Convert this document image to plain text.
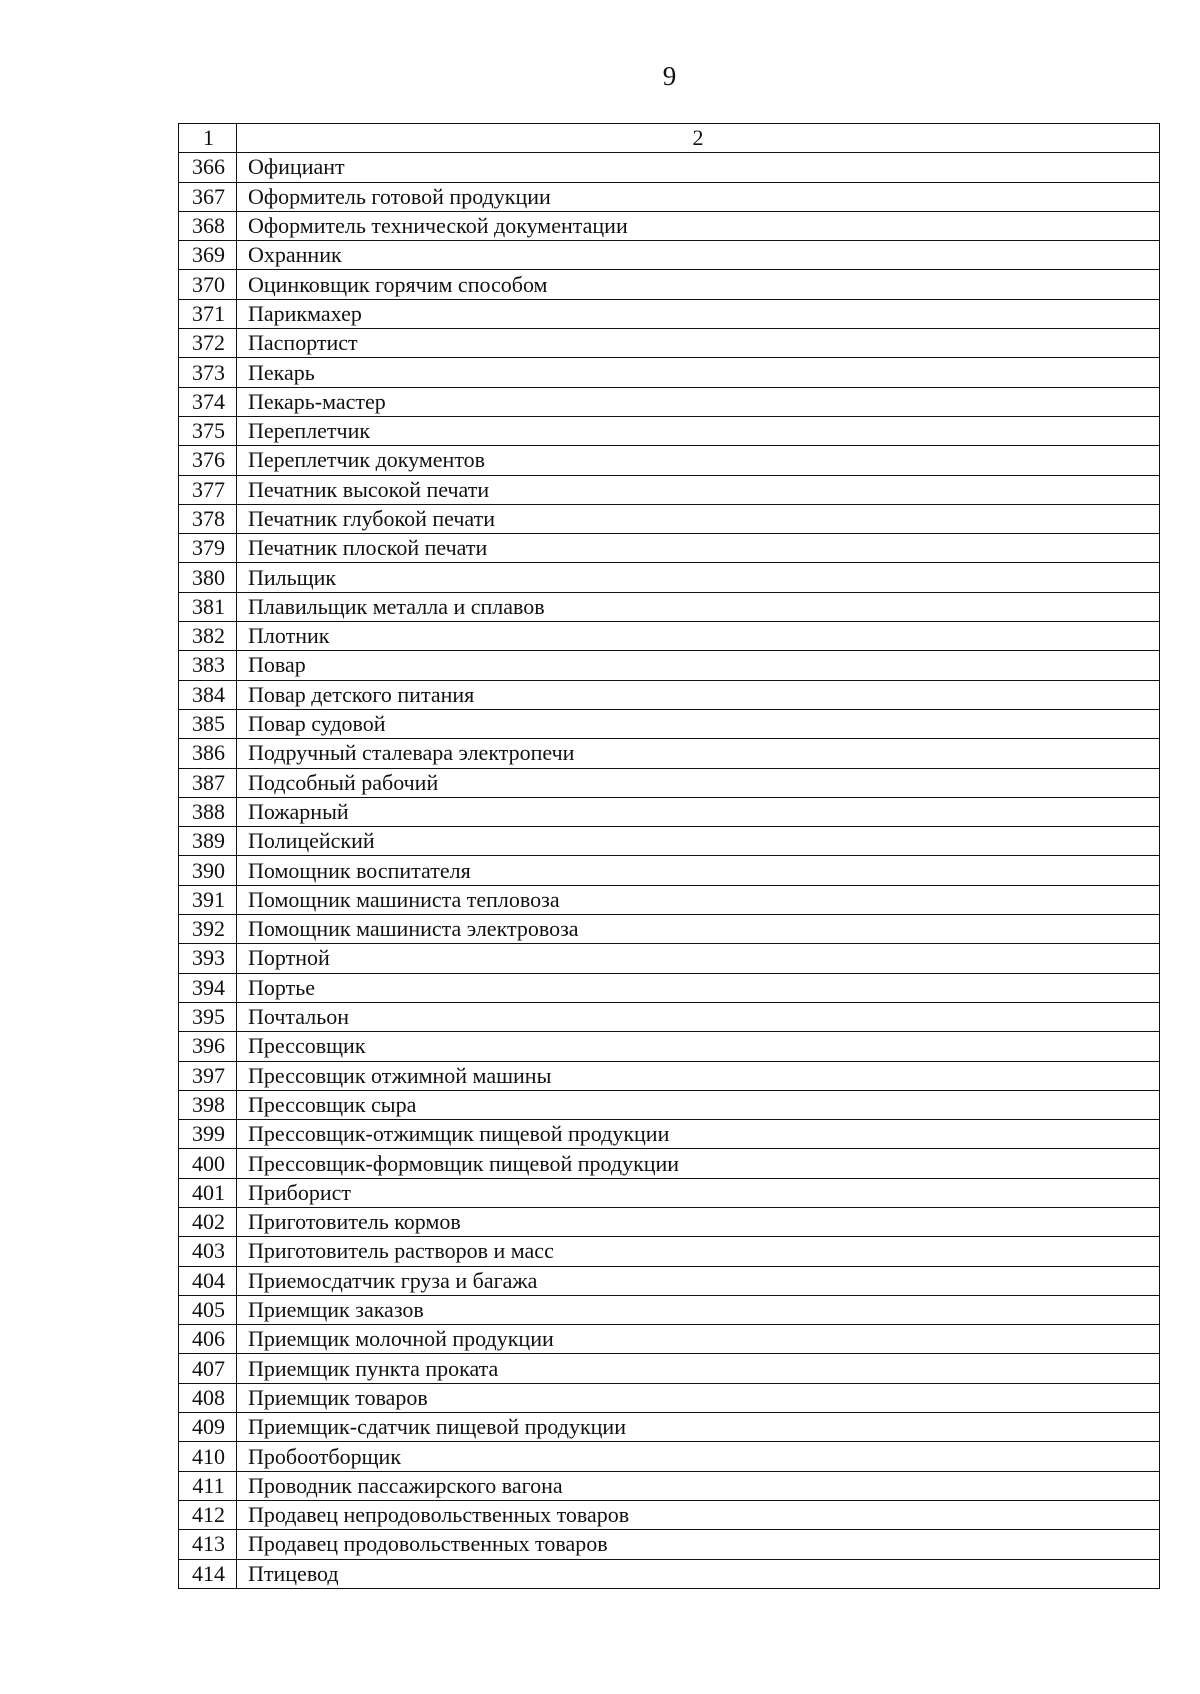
9
1	2
366	Официант
367	Оформитель готовой продукции
368	Оформитель технической документации
369	Охранник
370	Оцинковщик горячим способом
371	Парикмахер
372	Паспортист
373	Пекарь
374	Пекарь-мастер
375	Переплетчик
376	Переплетчик документов
377	Печатник высокой печати
378	Печатник глубокой печати
379	Печатник плоской печати
380	Пильщик
381	Плавильщик металла и сплавов
382	Плотник
383	Повар
384	Повар детского питания
385	Повар судовой
386	Подручный сталевара электропечи
387	Подсобный рабочий
388	Пожарный
389	Полицейский
390	Помощник воспитателя
391	Помощник машиниста тепловоза
392	Помощник машиниста электровоза
393	Портной
394	Портье
395	Почтальон
396	Прессовщик
397	Прессовщик отжимной машины
398	Прессовщик сыра
399	Прессовщик-отжимщик пищевой продукции
400	Прессовщик-формовщик пищевой продукции
401	Приборист
402	Приготовитель кормов
403	Приготовитель растворов и масс
404	Приемосдатчик груза и багажа
405	Приемщик заказов
406	Приемщик молочной продукции
407	Приемщик пункта проката
408	Приемщик товаров
409	Приемщик-сдатчик пищевой продукции
410	Пробоотборщик
411	Проводник пассажирского вагона
412	Продавец непродовольственных товаров
413	Продавец продовольственных товаров
414	Птицевод
